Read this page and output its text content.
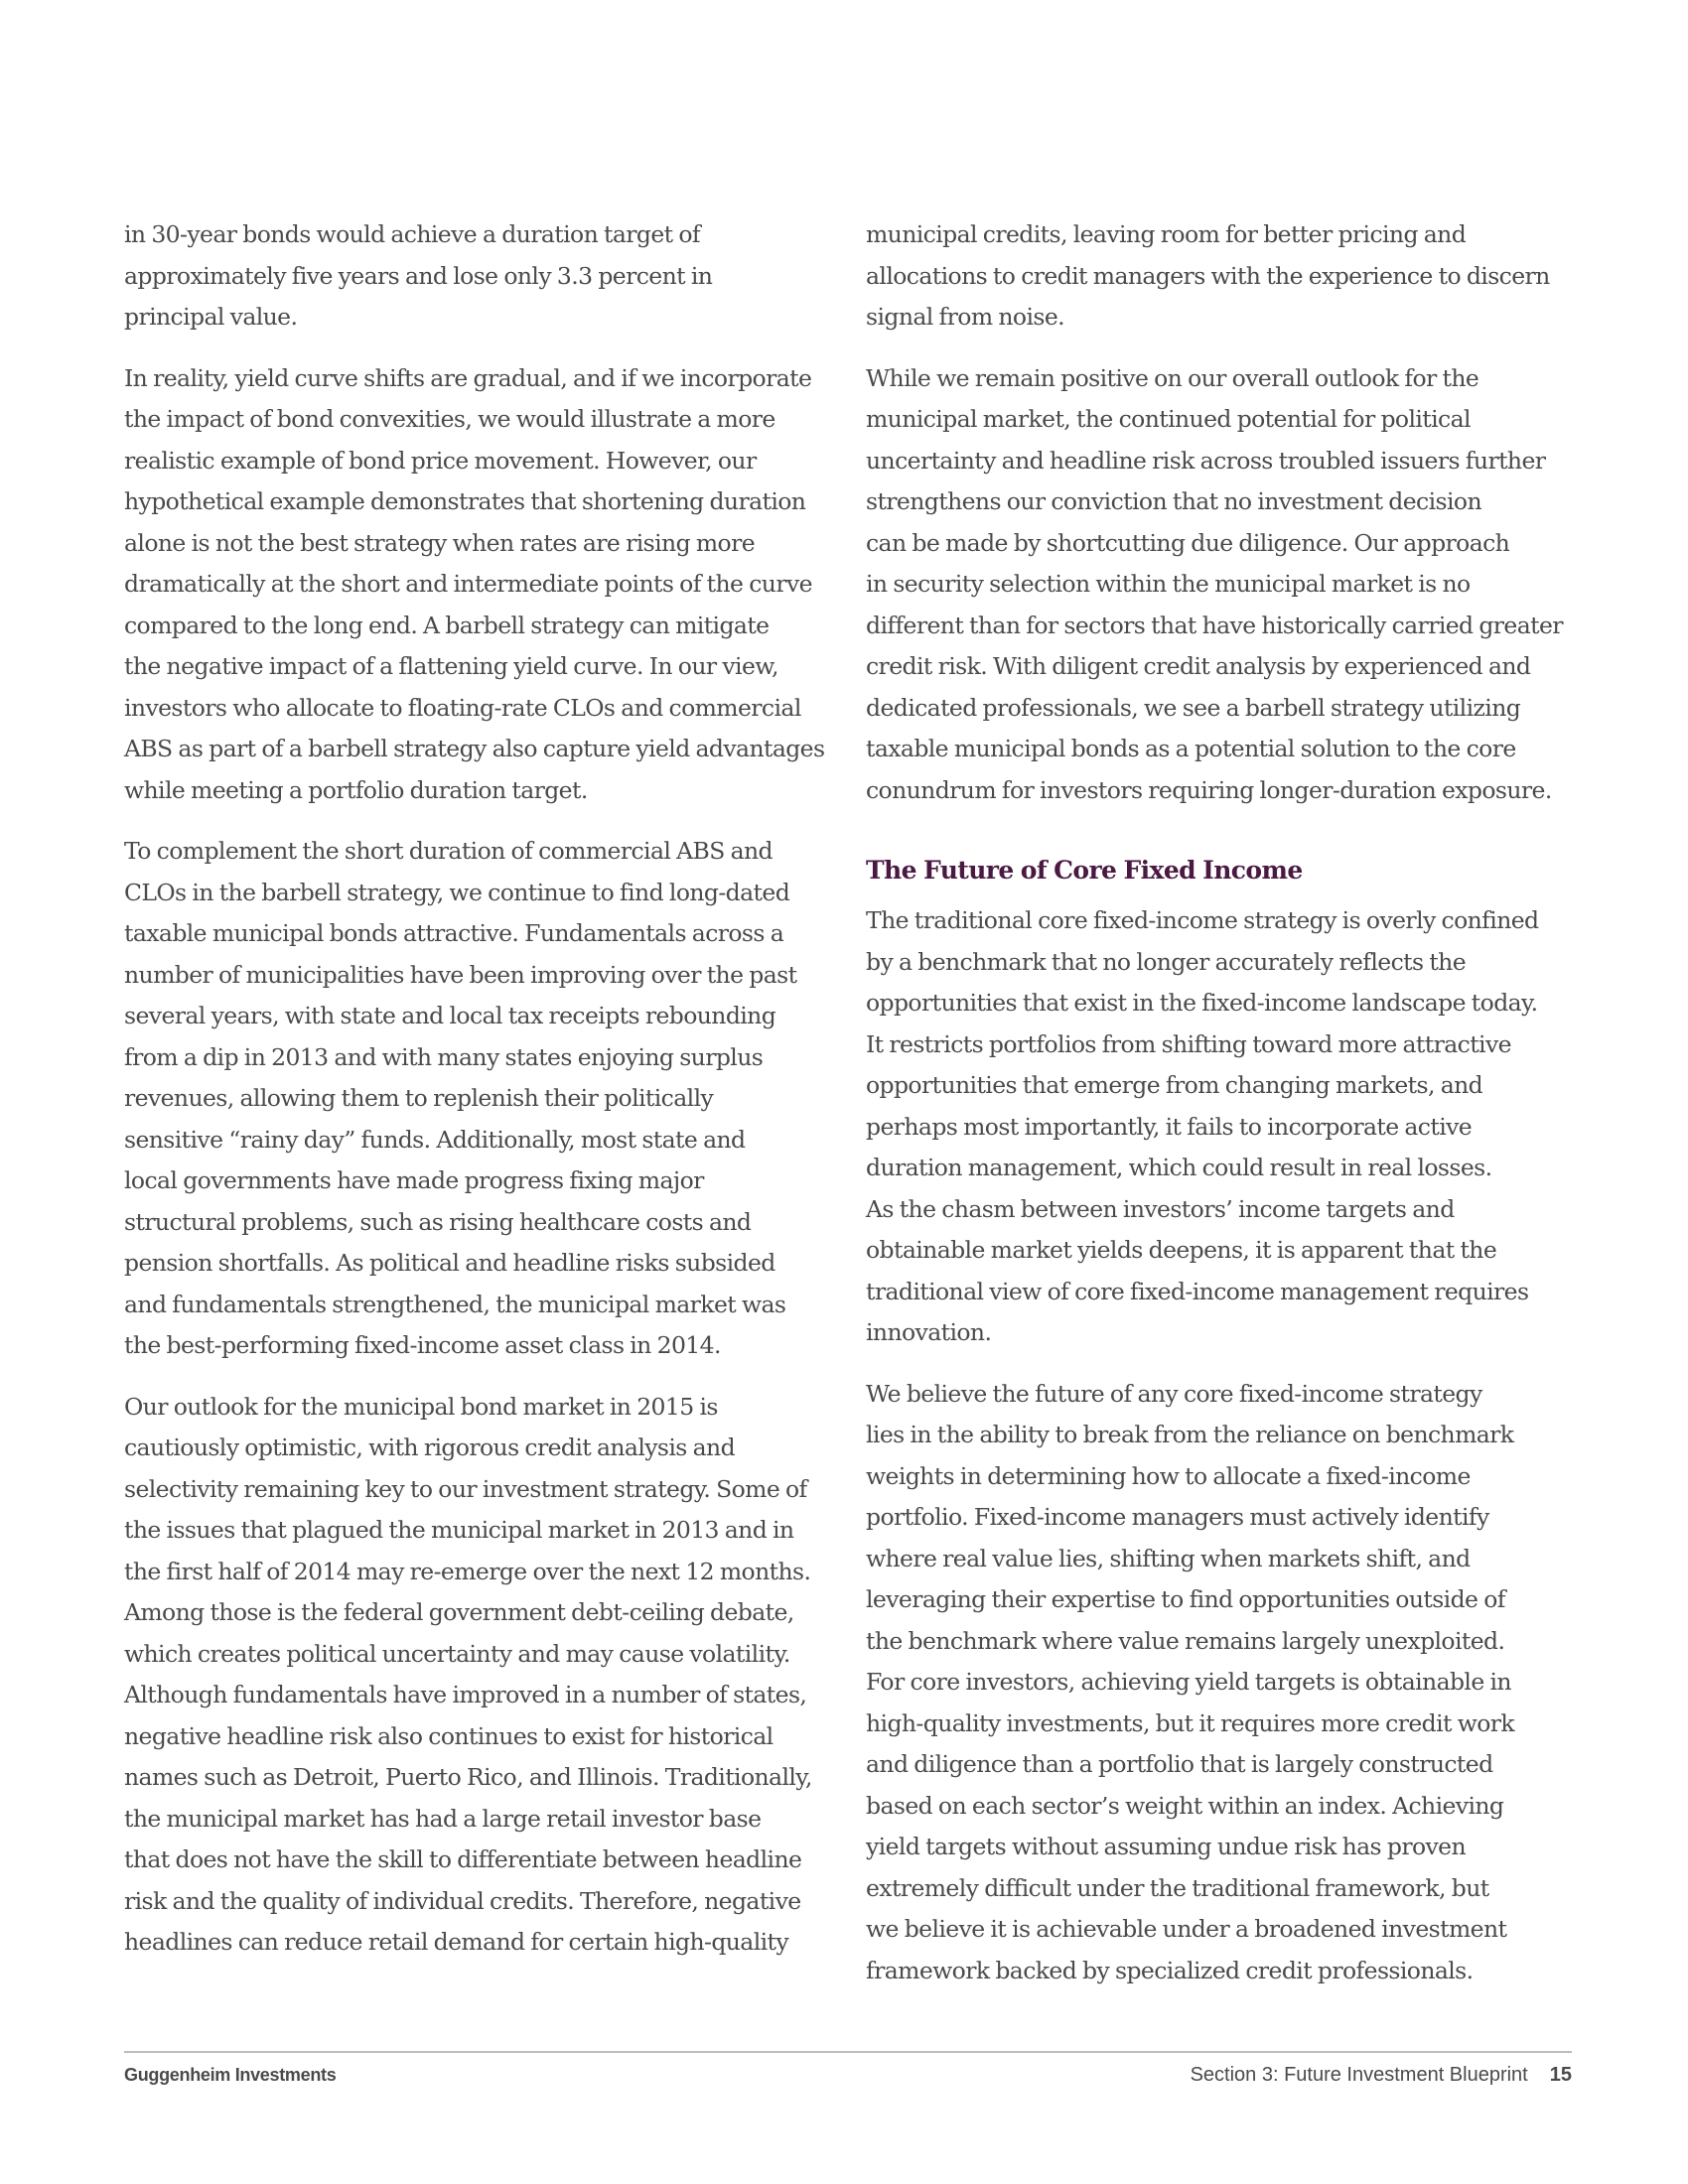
in 30-year bonds would achieve a duration target of
approximately five years and lose only 3.3 percent in
principal value.

In reality, yield curve shifts are gradual, and if we incorporate
the impact of bond convexities, we would illustrate a more
realistic example of bond price movement. However, our
hypothetical example demonstrates that shortening duration
alone is not the best strategy when rates are rising more
dramatically at the short and intermediate points of the curve
compared to the long end. A barbell strategy can mitigate
the negative impact of a flattening yield curve. In our view,
investors who allocate to floating-rate CLOs and commercial
ABS as part of a barbell strategy also capture yield advantages
while meeting a portfolio duration target.

To complement the short duration of commercial ABS and
CLOs in the barbell strategy, we continue to find long-dated
taxable municipal bonds attractive. Fundamentals across a
number of municipalities have been improving over the past
several years, with state and local tax receipts rebounding
from a dip in 2013 and with many states enjoying surplus
revenues, allowing them to replenish their politically
sensitive “rainy day” funds. Additionally, most state and
local governments have made progress fixing major
structural problems, such as rising healthcare costs and
pension shortfalls. As political and headline risks subsided
and fundamentals strengthened, the municipal market was
the best-performing fixed-income asset class in 2014.

Our outlook for the municipal bond market in 2015 is
cautiously optimistic, with rigorous credit analysis and
selectivity remaining key to our investment strategy. Some of
the issues that plagued the municipal market in 2013 and in
the first half of 2014 may re-emerge over the next 12 months.
Among those is the federal government debt-ceiling debate,
which creates political uncertainty and may cause volatility.
Although fundamentals have improved in a number of states,
negative headline risk also continues to exist for historical
names such as Detroit, Puerto Rico, and Illinois. Traditionally,
the municipal market has had a large retail investor base
that does not have the skill to differentiate between headline
risk and the quality of individual credits. Therefore, negative
headlines can reduce retail demand for certain high-quality

municipal credits, leaving room for better pricing and
allocations to credit managers with the experience to discern
signal from noise.

While we remain positive on our overall outlook for the
municipal market, the continued potential for political
uncertainty and headline risk across troubled issuers further
strengthens our conviction that no investment decision
can be made by shortcutting due diligence. Our approach
in security selection within the municipal market is no
different than for sectors that have historically carried greater
credit risk. With diligent credit analysis by experienced and
dedicated professionals, we see a barbell strategy utilizing
taxable municipal bonds as a potential solution to the core
conundrum for investors requiring longer-duration exposure.

The Future of Core Fixed Income

The traditional core fixed-income strategy is overly confined
by a benchmark that no longer accurately reflects the
opportunities that exist in the fixed-income landscape today.
It restricts portfolios from shifting toward more attractive
opportunities that emerge from changing markets, and
perhaps most importantly, it fails to incorporate active
duration management, which could result in real losses.
As the chasm between investors’ income targets and
obtainable market yields deepens, it is apparent that the
traditional view of core fixed-income management requires
innovation.

We believe the future of any core fixed-income strategy
lies in the ability to break from the reliance on benchmark
weights in determining how to allocate a fixed-income
portfolio. Fixed-income managers must actively identify
where real value lies, shifting when markets shift, and
leveraging their expertise to find opportunities outside of
the benchmark where value remains largely unexploited.
For core investors, achieving yield targets is obtainable in
high-quality investments, but it requires more credit work
and diligence than a portfolio that is largely constructed
based on each sector’s weight within an index. Achieving
yield targets without assuming undue risk has proven
extremely difficult under the traditional framework, but
we believe it is achievable under a broadened investment
framework backed by specialized credit professionals.

Guggenheim Investments	Section 3: Future Investment Blueprint 15
